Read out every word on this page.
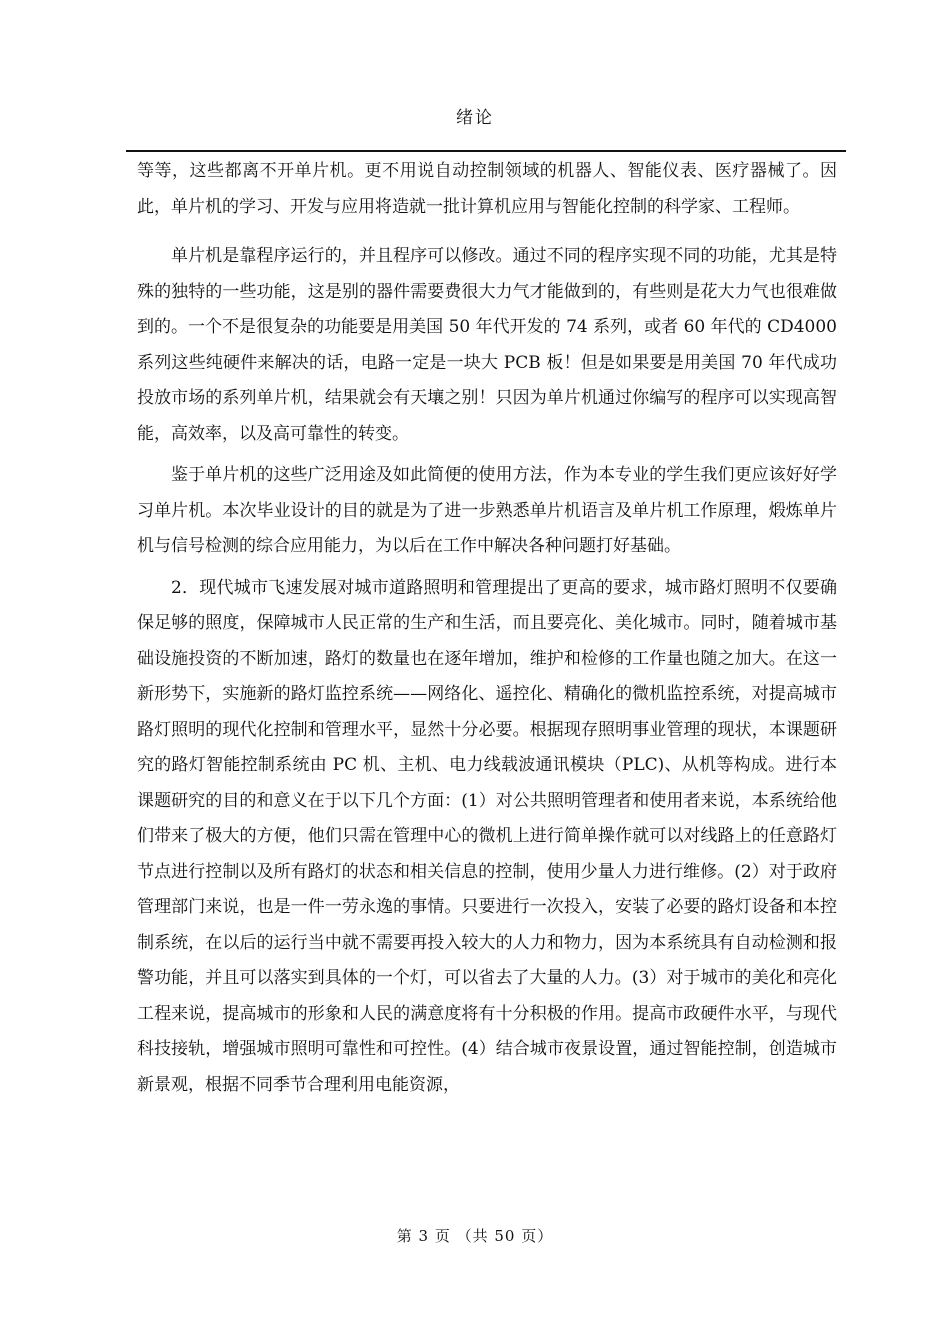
绪论

等等，这些都离不开单片机。更不用说自动控制领域的机器人、智能仪表、医疗器械了。因此，单片机的学习、开发与应用将造就一批计算机应用与智能化控制的科学家、工程师。

单片机是靠程序运行的，并且程序可以修改。通过不同的程序实现不同的功能，尤其是特殊的独特的一些功能，这是别的器件需要费很大力气才能做到的，有些则是花大力气也很难做到的。一个不是很复杂的功能要是用美国 50 年代开发的 74 系列，或者 60 年代的 CD4000 系列这些纯硬件来解决的话，电路一定是一块大 PCB 板！但是如果要是用美国 70 年代成功投放市场的系列单片机，结果就会有天壤之别！只因为单片机通过你编写的程序可以实现高智能，高效率，以及高可靠性的转变。

鉴于单片机的这些广泛用途及如此简便的使用方法，作为本专业的学生我们更应该好好学习单片机。本次毕业设计的目的就是为了进一步熟悉单片机语言及单片机工作原理，煅炼单片机与信号检测的综合应用能力，为以后在工作中解决各种问题打好基础。

2．现代城市飞速发展对城市道路照明和管理提出了更高的要求，城市路灯照明不仅要确保足够的照度，保障城市人民正常的生产和生活，而且要亮化、美化城市。同时，随着城市基础设施投资的不断加速，路灯的数量也在逐年增加，维护和检修的工作量也随之加大。在这一新形势下，实施新的路灯监控系统——网络化、遥控化、精确化的微机监控系统，对提高城市路灯照明的现代化控制和管理水平，显然十分必要。根据现存照明事业管理的现状，本课题研究的路灯智能控制系统由 PC 机、主机、电力线载波通讯模块（PLC)、从机等构成。进行本课题研究的目的和意义在于以下几个方面：(1）对公共照明管理者和使用者来说，本系统给他们带来了极大的方便，他们只需在管理中心的微机上进行简单操作就可以对线路上的任意路灯节点进行控制以及所有路灯的状态和相关信息的控制，使用少量人力进行维修。(2）对于政府管理部门来说，也是一件一劳永逸的事情。只要进行一次投入，安装了必要的路灯设备和本控制系统，在以后的运行当中就不需要再投入较大的人力和物力，因为本系统具有自动检测和报警功能，并且可以落实到具体的一个灯，可以省去了大量的人力。(3）对于城市的美化和亮化工程来说，提高城市的形象和人民的满意度将有十分积极的作用。提高市政硬件水平，与现代科技接轨，增强城市照明可靠性和可控性。(4）结合城市夜景设置，通过智能控制，创造城市新景观，根据不同季节合理利用电能资源，

第 3 页 （共 50 页）
